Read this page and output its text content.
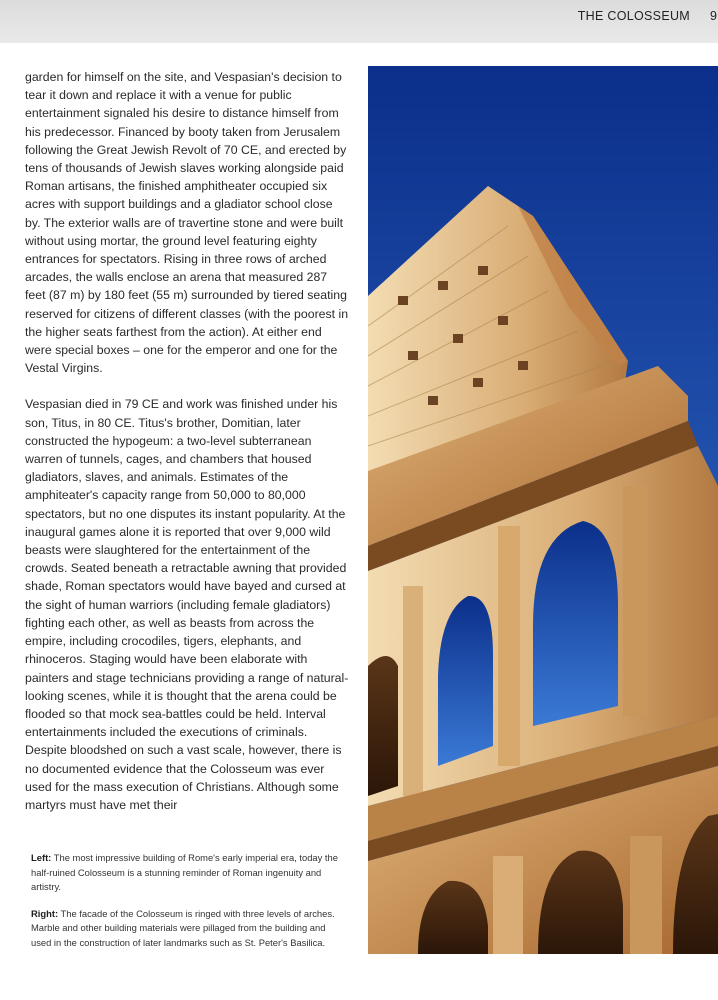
THE COLOSSEUM 9

garden for himself on the site, and Vespasian's decision to tear it down and replace it with a venue for public entertainment signaled his desire to distance himself from his predecessor. Financed by booty taken from Jerusalem following the Great Jewish Revolt of 70 CE, and erected by tens of thousands of Jewish slaves working alongside paid Roman artisans, the finished amphitheater occupied six acres with support buildings and a gladiator school close by. The exterior walls are of travertine stone and were built without using mortar, the ground level featuring eighty entrances for spectators. Rising in three rows of arched arcades, the walls enclose an arena that measured 287 feet (87 m) by 180 feet (55 m) surrounded by tiered seating reserved for citizens of different classes (with the poorest in the higher seats farthest from the action). At either end were special boxes – one for the emperor and one for the Vestal Virgins.

Vespasian died in 79 CE and work was finished under his son, Titus, in 80 CE. Titus's brother, Domitian, later constructed the hypogeum: a two-level subterranean warren of tunnels, cages, and chambers that housed gladiators, slaves, and animals. Estimates of the amphiteater's capacity range from 50,000 to 80,000 spectators, but no one disputes its instant popularity. At the inaugural games alone it is reported that over 9,000 wild beasts were slaughtered for the entertainment of the crowds. Seated beneath a retractable awning that provided shade, Roman spectators would have bayed and cursed at the sight of human warriors (including female gladiators) fighting each other, as well as beasts from across the empire, including crocodiles, tigers, elephants, and rhinoceros. Staging would have been elaborate with painters and stage technicians providing a range of natural-looking scenes, while it is thought that the arena could be flooded so that mock sea-battles could be held. Interval entertainments included the executions of criminals. Despite bloodshed on such a vast scale, however, there is no documented evidence that the Colosseum was ever used for the mass execution of Christians. Although some martyrs must have met their

Left: The most impressive building of Rome's early imperial era, today the half-ruined Colosseum is a stunning reminder of Roman ingenuity and artistry.

Right: The facade of the Colosseum is ringed with three levels of arches. Marble and other building materials were pillaged from the building and used in the construction of later landmarks such as St. Peter's Basilica.
